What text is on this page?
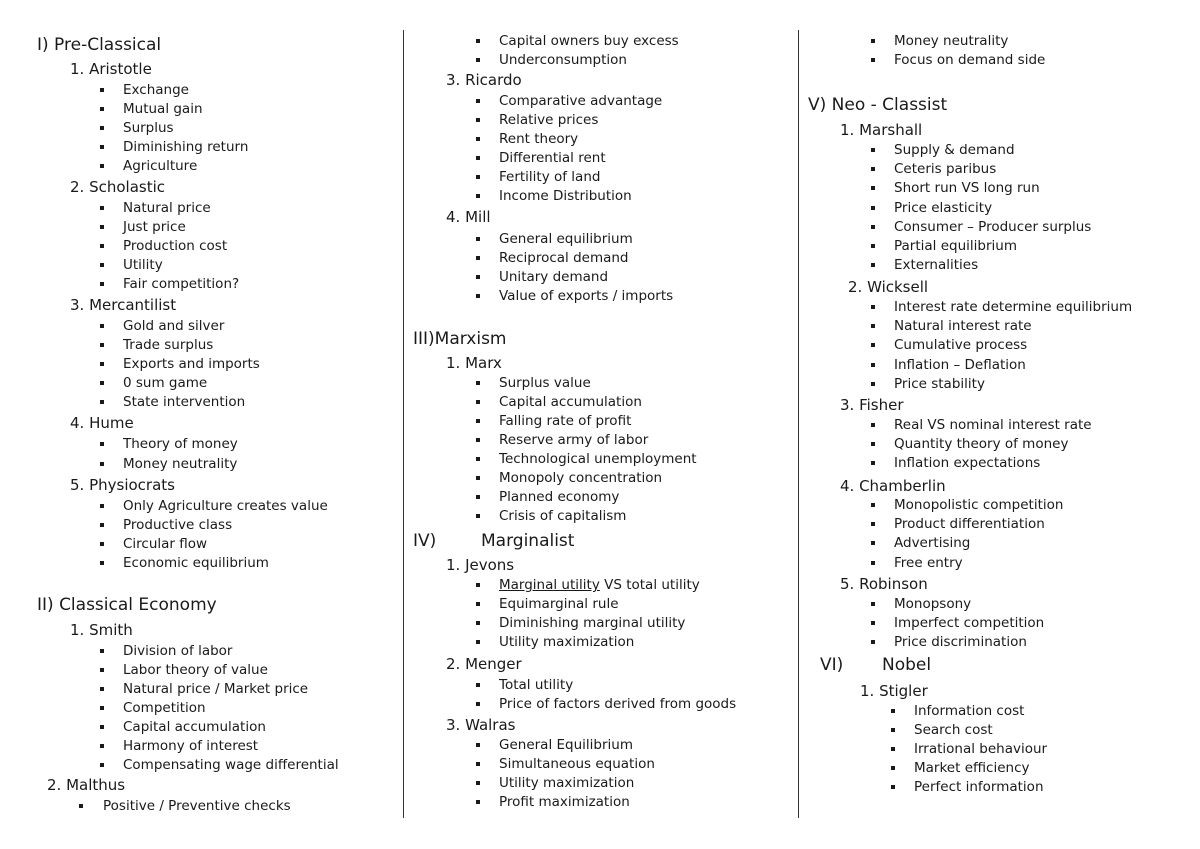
I) Pre-Classical
1. Aristotle
Exchange
Mutual gain
Surplus
Diminishing return
Agriculture
2. Scholastic
Natural price
Just price
Production cost
Utility
Fair competition?
3. Mercantilist
Gold and silver
Trade surplus
Exports and imports
0 sum game
State intervention
4. Hume
Theory of money
Money neutrality
5. Physiocrats
Only Agriculture creates value
Productive class
Circular flow
Economic equilibrium
II) Classical Economy
1. Smith
Division of labor
Labor theory of value
Natural price / Market price
Competition
Capital accumulation
Harmony of interest
Compensating wage differential
2. Malthus
Positive / Preventive checks
Capital owners buy excess
Underconsumption
3. Ricardo
Comparative advantage
Relative prices
Rent theory
Differential rent
Fertility of land
Income Distribution
4. Mill
General equilibrium
Reciprocal demand
Unitary demand
Value of exports / imports
III)Marxism
1. Marx
Surplus value
Capital accumulation
Falling rate of profit
Reserve army of labor
Technological unemployment
Monopoly concentration
Planned economy
Crisis of capitalism
IV)	Marginalist
1. Jevons
Marginal utility VS total utility
Equimarginal rule
Diminishing marginal utility
Utility maximization
2. Menger
Total utility
Price of factors derived from goods
3. Walras
General Equilibrium
Simultaneous equation
Utility maximization
Profit maximization
Money neutrality
Focus on demand side
V) Neo - Classist
1. Marshall
Supply & demand
Ceteris paribus
Short run VS long run
Price elasticity
Consumer – Producer surplus
Partial equilibrium
Externalities
2. Wicksell
Interest rate determine equilibrium
Natural interest rate
Cumulative process
Inflation – Deflation
Price stability
3. Fisher
Real VS nominal interest rate
Quantity theory of money
Inflation expectations
4. Chamberlin
Monopolistic competition
Product differentiation
Advertising
Free entry
5. Robinson
Monopsony
Imperfect competition
Price discrimination
VI) Nobel
1. Stigler
Information cost
Search cost
Irrational behaviour
Market efficiency
Perfect information
